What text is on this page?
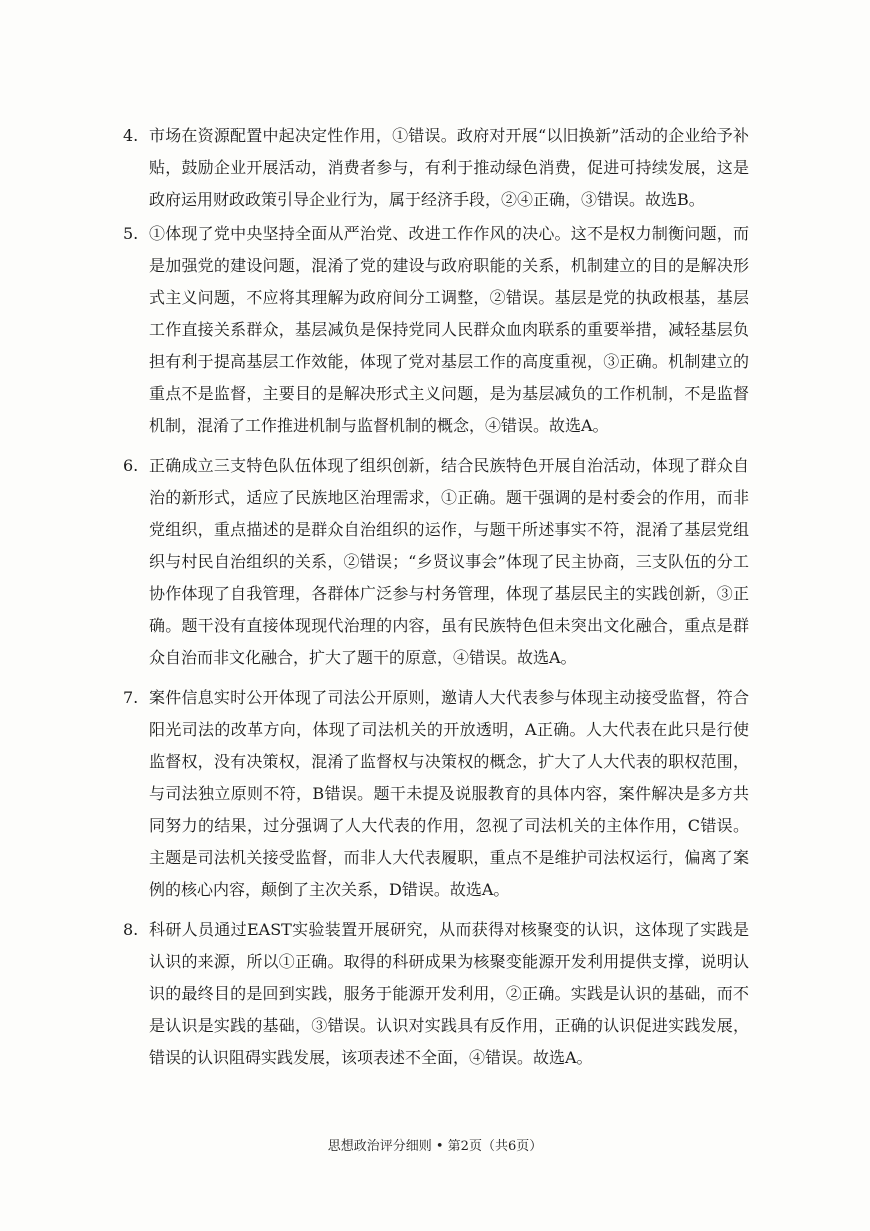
4. 市场在资源配置中起决定性作用，①错误。政府对开展“以旧换新”活动的企业给予补贴，鼓励企业开展活动，消费者参与，有利于推动绿色消费，促进可持续发展，这是政府运用财政政策引导企业行为，属于经济手段，②④正确，③错误。故选B。
5. ①体现了党中央坚持全面从严治党、改进工作作风的决心。这不是权力制衡问题，而是加强党的建设问题，混淆了党的建设与政府职能的关系，机制建立的目的是解决形式主义问题，不应将其理解为政府间分工调整，②错误。基层是党的执政根基，基层工作直接关系群众，基层减负是保持党同人民群众血肉联系的重要举措，减轻基层负担有利于提高基层工作效能，体现了党对基层工作的高度重视，③正确。机制建立的重点不是监督，主要目的是解决形式主义问题，是为基层减负的工作机制，不是监督机制，混淆了工作推进机制与监督机制的概念，④错误。故选A。
6. 正确成立三支特色队伍体现了组织创新，结合民族特色开展自治活动，体现了群众自治的新形式，适应了民族地区治理需求，①正确。题干强调的是村委会的作用，而非党组织，重点描述的是群众自治组织的运作，与题干所述事实不符，混淆了基层党组织与村民自治组织的关系，②错误；“乡贤议事会”体现了民主协商，三支队伍的分工协作体现了自我管理，各群体广泛参与村务管理，体现了基层民主的实践创新，③正确。题干没有直接体现现代治理的内容，虽有民族特色但未突出文化融合，重点是群众自治而非文化融合，扩大了题干的原意，④错误。故选A。
7. 案件信息实时公开体现了司法公开原则，邀请人大代表参与体现主动接受监督，符合阳光司法的改革方向，体现了司法机关的开放透明，A正确。人大代表在此只是行使监督权，没有决策权，混淆了监督权与决策权的概念，扩大了人大代表的职权范围，与司法独立原则不符，B错误。题干未提及说服教育的具体内容，案件解决是多方共同努力的结果，过分强调了人大代表的作用，忽视了司法机关的主体作用，C错误。主题是司法机关接受监督，而非人大代表履职，重点不是维护司法权运行，偏离了案例的核心内容，颠倒了主次关系，D错误。故选A。
8. 科研人员通过EAST实验装置开展研究，从而获得对核聚变的认识，这体现了实践是认识的来源，所以①正确。取得的科研成果为核聚变能源开发利用提供支撑，说明认识的最终目的是回到实践，服务于能源开发利用，②正确。实践是认识的基础，而不是认识是实践的基础，③错误。认识对实践具有反作用，正确的认识促进实践发展，错误的认识阻碍实践发展，该项表述不全面，④错误。故选A。
思想政治评分细则 • 第2页（共6页）
